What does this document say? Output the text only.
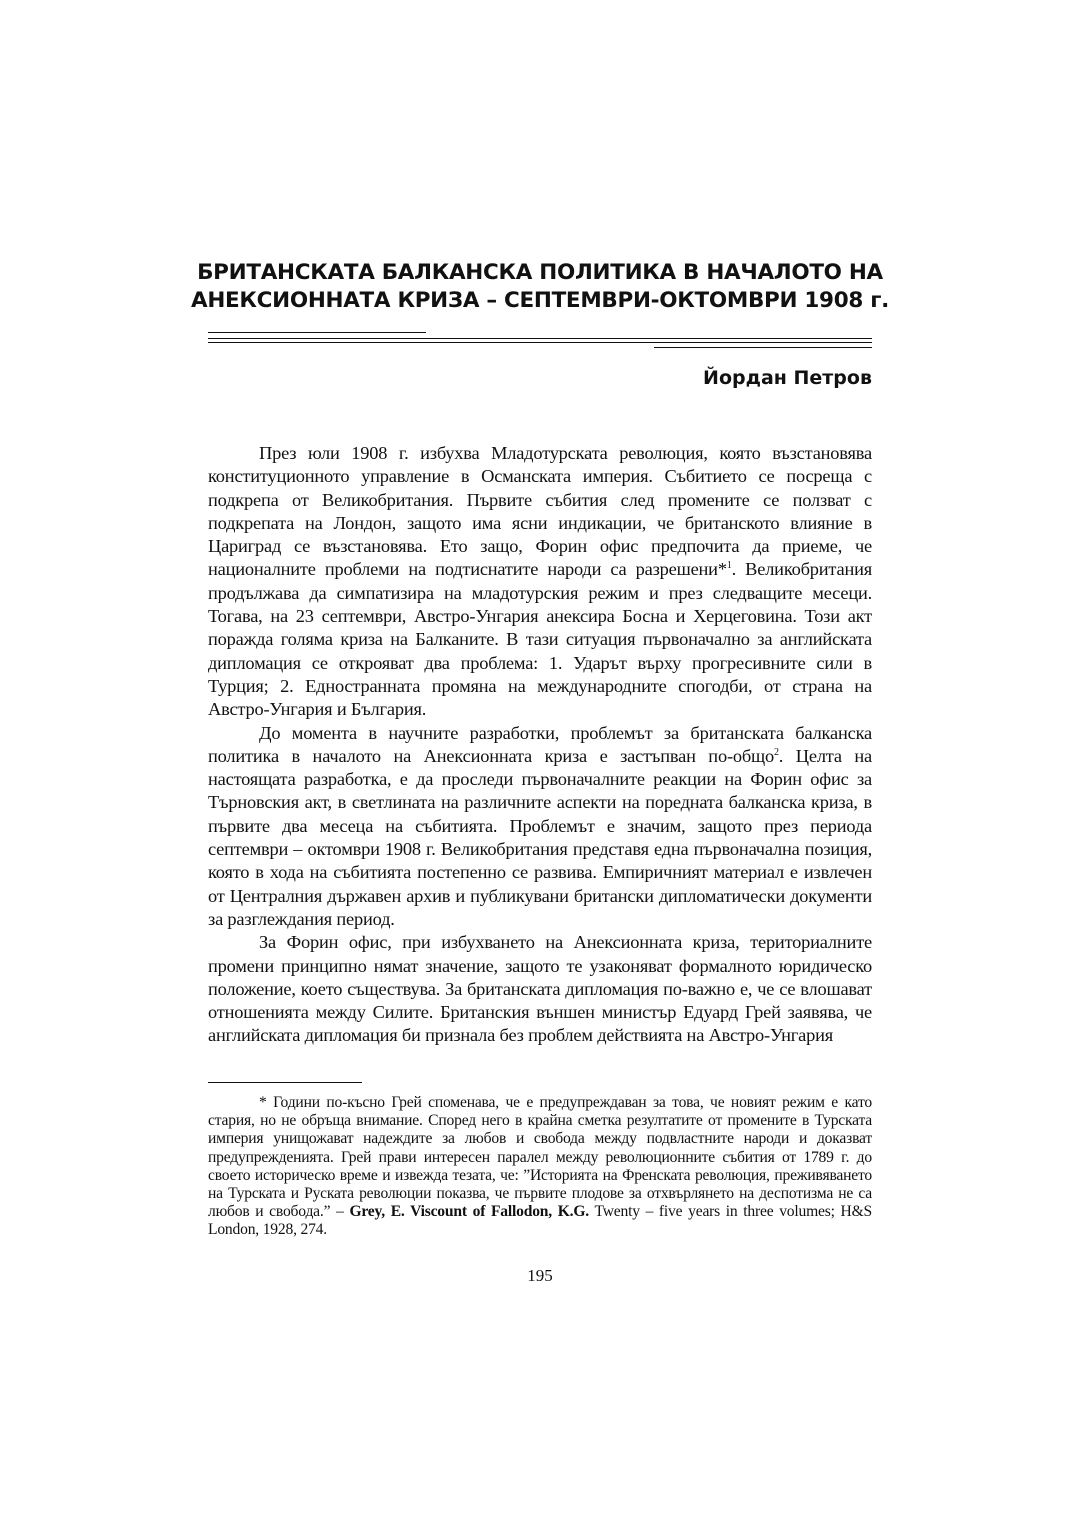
БРИТАНСКАТА БАЛКАНСКА ПОЛИТИКА В НАЧАЛОТО НА
АНЕКСИОННАТА КРИЗА – СЕПТЕМВРИ-ОКТОМВРИ 1908 г.
Йордан Петров

През юли 1908 г. избухва Младотурската революция, която възстановява конституционното управление в Османската империя. Събитието се посреща с подкрепа от Великобритания. Първите събития след промените се ползват с подкрепата на Лондон, защото има ясни индикации, че британското влияние в Цариград се възстановява. Ето защо, Форин офис предпочита да приеме, че националните проблеми на подтиснатите народи са разрешени*$^1$. Великобритания продължава да симпатизира на младотурския режим и през следващите месеци. Тогава, на 23 септември, Австро-Унгария анексира Босна и Херцеговина. Този акт поражда голяма криза на Балканите. В тази ситуация първоначално за английската дипломация се открояват два проблема: 1. Ударът върху прогресивните сили в Турция; 2. Едностранната промяна на международните спогодби, от страна на Австро-Унгария и България.

До момента в научните разработки, проблемът за британската балканска политика в началото на Анексионната криза е застъпван по-общо$^2$. Целта на настоящата разработка, е да проследи първоначалните реакции на Форин офис за Търновския акт, в светлината на различните аспекти на поредната балканска криза, в първите два месеца на събитията. Проблемът е значим, защото през периода септември – октомври 1908 г. Великобритания представя една първоначална позиция, която в хода на събитията постепенно се развива. Емпиричният материал е извлечен от Централния държавен архив и публикувани британски дипломатически документи за разглеждания период.

За Форин офис, при избухването на Анексионната криза, териториалните промени принципно нямат значение, защото те узаконяват формалното юридическо положение, което съществува. За британската дипломация по-важно е, че се влошават отношенията между Силите. Британския външен министър Едуард Грей заявява, че английската дипломация би признала без проблем действията на Австро-Унгария

* Години по-късно Грей споменава, че е предупреждаван за това, че новият режим е като стария, но не обръща внимание. Според него в крайна сметка резултатите от промените в Турската империя унищожават надеждите за любов и свобода между подвластните народи и доказват предупрежденията. Грей прави интересен паралел между революционните събития от 1789 г. до своето историческо време и извежда тезата, че: ”Историята на Френската революция, преживяването на Турската и Руската революции показва, че първите плодове за отхвърлянето на деспотизма не са любов и свобода.” – Grey, E. Viscount of Fallodon, K.G. Twenty – five years in three volumes; H&S London, 1928, 274.

195
